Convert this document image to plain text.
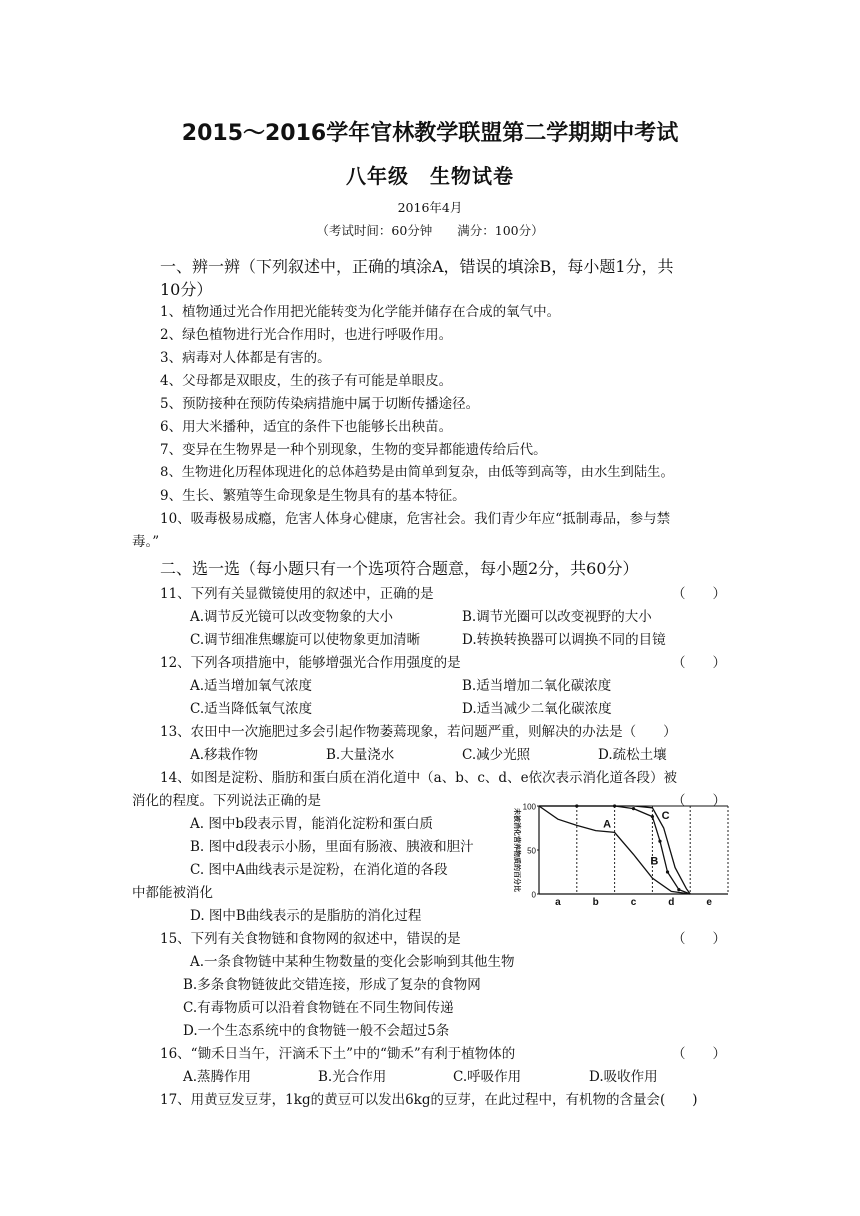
2015～2016学年官林教学联盟第二学期期中考试
八年级　生物试卷
2016年4月
（考试时间：60分钟　　满分：100分）
一、辨一辨（下列叙述中，正确的填涂A，错误的填涂B，每小题1分，共
10分）
1、植物通过光合作用把光能转变为化学能并储存在合成的氧气中。
2、绿色植物进行光合作用时，也进行呼吸作用。
3、病毒对人体都是有害的。
4、父母都是双眼皮，生的孩子有可能是单眼皮。
5、预防接种在预防传染病措施中属于切断传播途径。
6、用大米播种，适宜的条件下也能够长出秧苗。
7、变异在生物界是一种个别现象，生物的变异都能遗传给后代。
8、生物进化历程体现进化的总体趋势是由简单到复杂，由低等到高等，由水生到陆生。
9、生长、繁殖等生命现象是生物具有的基本特征。
10、吸毒极易成瘾，危害人体身心健康，危害社会。我们青少年应“抵制毒品，参与禁
毒。”
二、选一选（每小题只有一个选项符合题意，每小题2分，共60分）
11、下列有关显微镜使用的叙述中，正确的是	（　　）
A.调节反光镜可以改变物象的大小	B.调节光圈可以改变视野的大小
C.调节细准焦螺旋可以使物象更加清晰	D.转换转换器可以调换不同的目镜
12、下列各项措施中，能够增强光合作用强度的是	（　　）
A.适当增加氧气浓度	B.适当增加二氧化碳浓度
C.适当降低氧气浓度	D.适当减少二氧化碳浓度
13、农田中一次施肥过多会引起作物萎蔫现象，若问题严重，则解决的办法是（　　）
A.移栽作物	B.大量浇水	C.减少光照	D.疏松土壤
14、如图是淀粉、脂肪和蛋白质在消化道中（a、b、c、d、e依次表示消化道各段）被
消化的程度。下列说法正确的是	（　　）
A. 图中b段表示胃，能消化淀粉和蛋白质
B. 图中d段表示小肠，里面有肠液、胰液和胆汁
C. 图中A曲线表示是淀粉，在消化道的各段
中都能被消化
D. 图中B曲线表示的是脂肪的消化过程
100
50
0
未被消化营养物质的百分比
a	b	c	d	e
A
B
C
15、下列有关食物链和食物网的叙述中，错误的是	（　　）
A.一条食物链中某种生物数量的变化会影响到其他生物
B.多条食物链彼此交错连接，形成了复杂的食物网
C.有毒物质可以沿着食物链在不同生物间传递
D.一个生态系统中的食物链一般不会超过5条
16、“锄禾日当午，汗滴禾下土”中的“锄禾”有利于植物体的	（　　）
A.蒸腾作用	B.光合作用	C.呼吸作用	D.吸收作用
17、用黄豆发豆芽，1kg的黄豆可以发出6kg的豆芽，在此过程中，有机物的含量会(　　)
